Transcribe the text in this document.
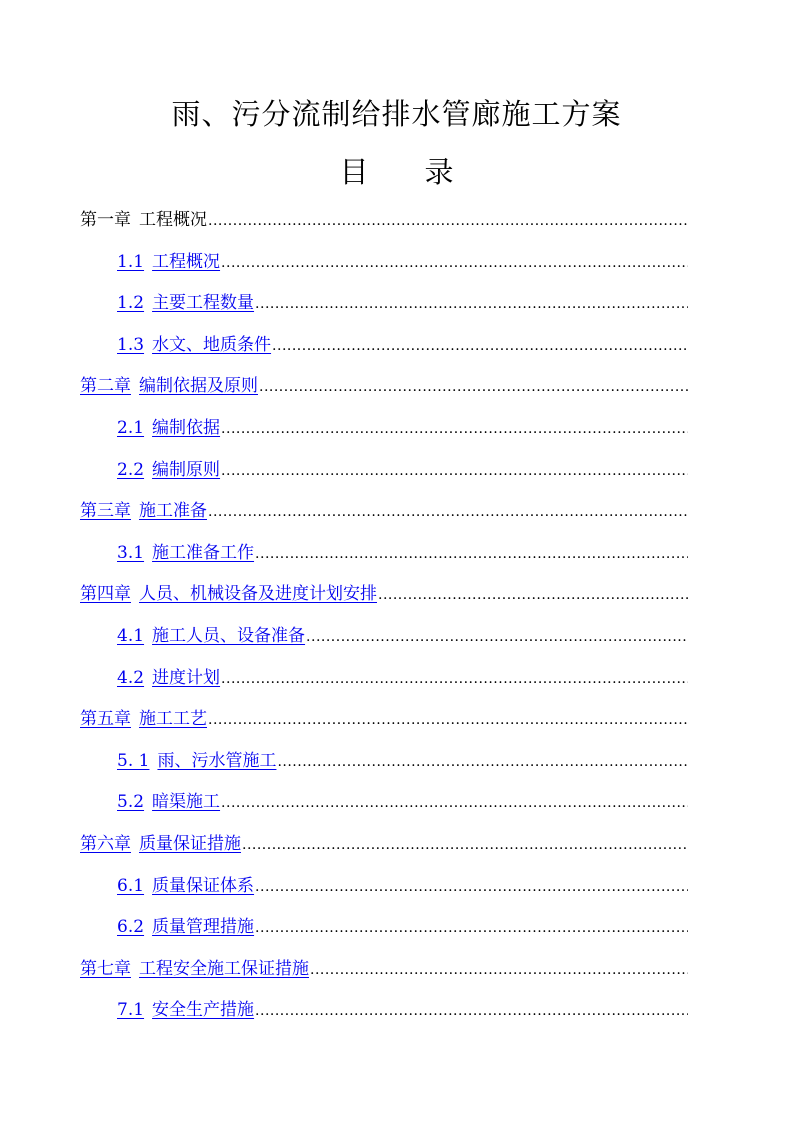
雨、污分流制给排水管廊施工方案
目 录
第一章 工程概况
.....
1.1 工程概况
.....
1.2 主要工程数量
.....
1.3 水文、地质条件
.....
第二章 编制依据及原则
.....
2.1 编制依据
.....
2.2 编制原则
.....
第三章 施工准备
.....
3.1 施工准备工作
.....
第四章 人员、机械设备及进度计划安排
.....
4.1 施工人员、设备准备
.....
4.2 进度计划
.....
第五章 施工工艺
.....
5. 1 雨、污水管施工
.....
5.2 暗渠施工
.....
第六章 质量保证措施
.....
6.1 质量保证体系
.....
6.2 质量管理措施
.....
第七章 工程安全施工保证措施
.....
7.1 安全生产措施
.....
